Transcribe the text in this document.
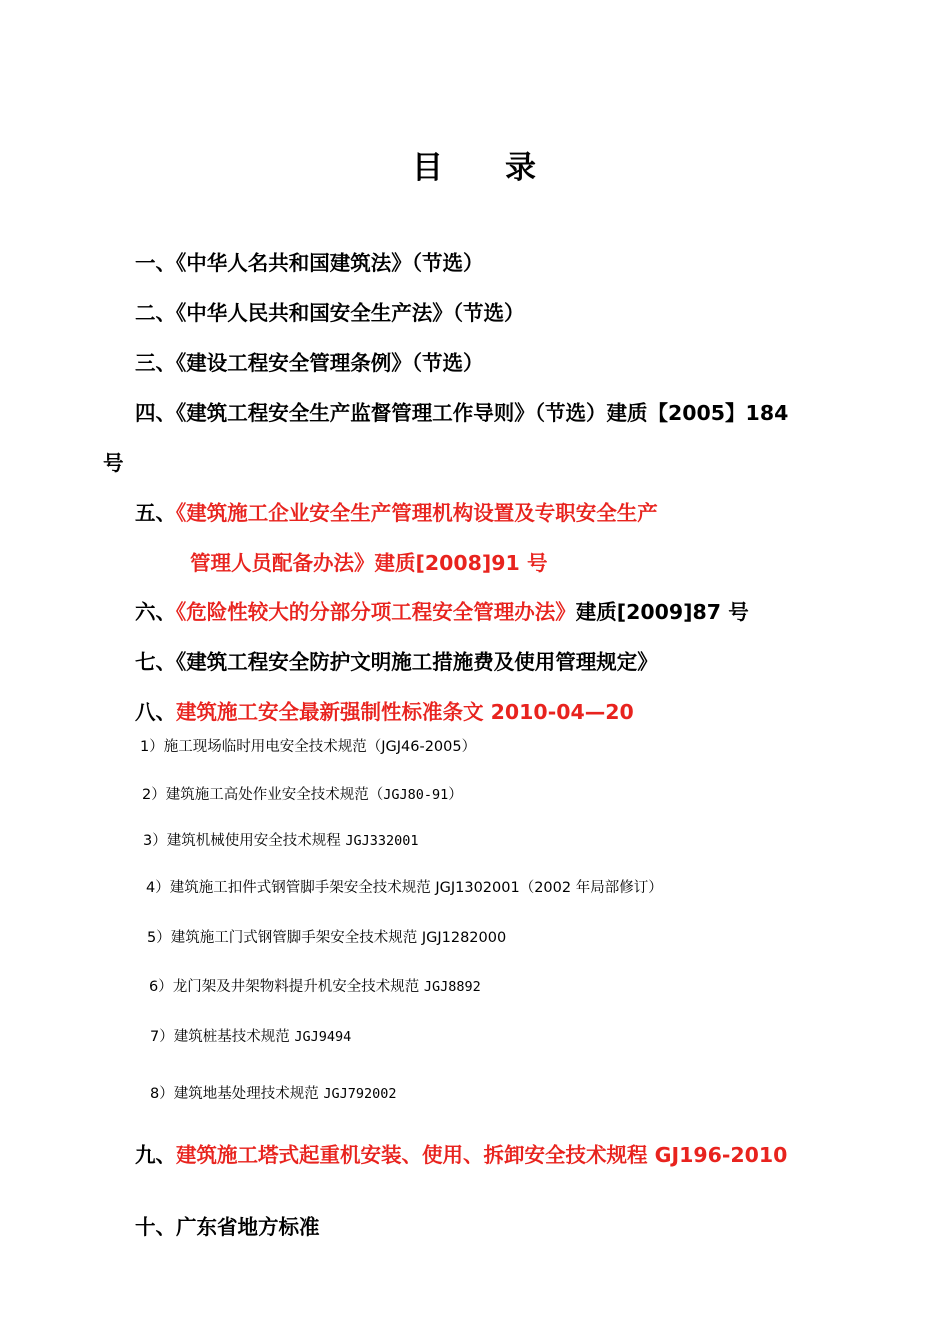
目 录
一、《中华人名共和国建筑法》（节选）
二、《中华人民共和国安全生产法》（节选）
三、《建设工程安全管理条例》（节选）
四、《建筑工程安全生产监督管理工作导则》（节选）建质【2005】184
号
五、《建筑施工企业安全生产管理机构设置及专职安全生产
管理人员配备办法》建质[2008]91 号
六、《危险性较大的分部分项工程安全管理办法》建质[2009]87 号
七、《建筑工程安全防护文明施工措施费及使用管理规定》
八、建筑施工安全最新强制性标准条文 2010-04—20
1）施工现场临时用电安全技术规范（JGJ46-2005）
2）建筑施工高处作业安全技术规范（JGJ80-91）
3）建筑机械使用安全技术规程 JGJ332001
4）建筑施工扣件式钢管脚手架安全技术规范 JGJ1302001（2002 年局部修订）
5）建筑施工门式钢管脚手架安全技术规范 JGJ1282000
6）龙门架及井架物料提升机安全技术规范 JGJ8892
7）建筑桩基技术规范 JGJ9494
8）建筑地基处理技术规范 JGJ792002
九、建筑施工塔式起重机安装、使用、拆卸安全技术规程 GJ196-2010
十、广东省地方标准
